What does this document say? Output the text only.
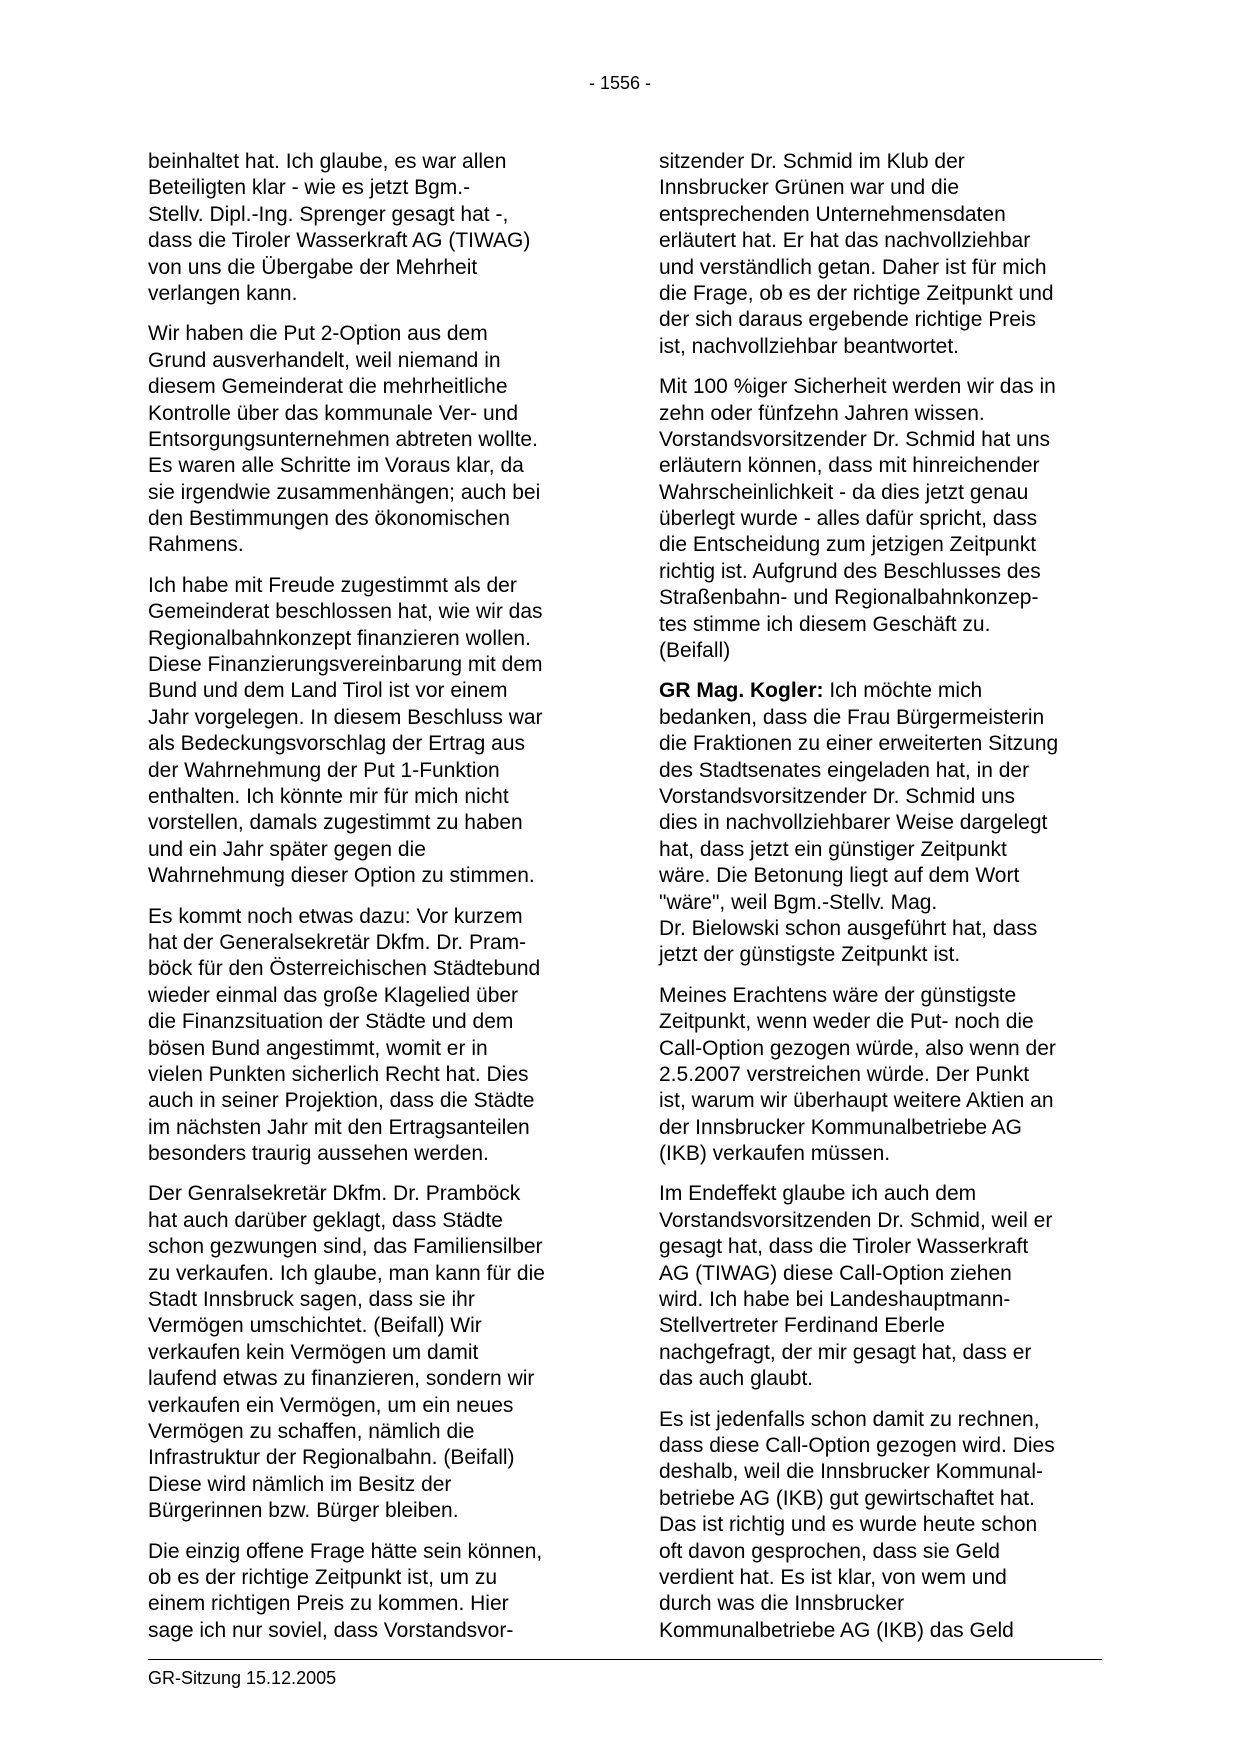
- 1556 -

beinhaltet hat. Ich glaube, es war allen
Beteiligten klar - wie es jetzt Bgm.-
Stellv. Dipl.-Ing. Sprenger gesagt hat -,
dass die Tiroler Wasserkraft AG (TIWAG)
von uns die Übergabe der Mehrheit
verlangen kann.

Wir haben die Put 2-Option aus dem
Grund ausverhandelt, weil niemand in
diesem Gemeinderat die mehrheitliche
Kontrolle über das kommunale Ver- und
Entsorgungsunternehmen abtreten wollte.
Es waren alle Schritte im Voraus klar, da
sie irgendwie zusammenhängen; auch bei
den Bestimmungen des ökonomischen
Rahmens.

Ich habe mit Freude zugestimmt als der
Gemeinderat beschlossen hat, wie wir das
Regionalbahnkonzept finanzieren wollen.
Diese Finanzierungsvereinbarung mit dem
Bund und dem Land Tirol ist vor einem
Jahr vorgelegen. In diesem Beschluss war
als Bedeckungsvorschlag der Ertrag aus
der Wahrnehmung der Put 1-Funktion
enthalten. Ich könnte mir für mich nicht
vorstellen, damals zugestimmt zu haben
und ein Jahr später gegen die
Wahrnehmung dieser Option zu stimmen.

Es kommt noch etwas dazu: Vor kurzem
hat der Generalsekretär Dkfm. Dr. Pram-
böck für den Österreichischen Städtebund
wieder einmal das große Klagelied über
die Finanzsituation der Städte und dem
bösen Bund angestimmt, womit er in
vielen Punkten sicherlich Recht hat. Dies
auch in seiner Projektion, dass die Städte
im nächsten Jahr mit den Ertragsanteilen
besonders traurig aussehen werden.

Der Genralsekretär Dkfm. Dr. Pramböck
hat auch darüber geklagt, dass Städte
schon gezwungen sind, das Familiensilber
zu verkaufen. Ich glaube, man kann für die
Stadt Innsbruck sagen, dass sie ihr
Vermögen umschichtet. (Beifall) Wir
verkaufen kein Vermögen um damit
laufend etwas zu finanzieren, sondern wir
verkaufen ein Vermögen, um ein neues
Vermögen zu schaffen, nämlich die
Infrastruktur der Regionalbahn. (Beifall)
Diese wird nämlich im Besitz der
Bürgerinnen bzw. Bürger bleiben.

Die einzig offene Frage hätte sein können,
ob es der richtige Zeitpunkt ist, um zu
einem richtigen Preis zu kommen. Hier
sage ich nur soviel, dass Vorstandsvor-

sitzender Dr. Schmid im Klub der
Innsbrucker Grünen war und die
entsprechenden Unternehmensdaten
erläutert hat. Er hat das nachvollziehbar
und verständlich getan. Daher ist für mich
die Frage, ob es der richtige Zeitpunkt und
der sich daraus ergebende richtige Preis
ist, nachvollziehbar beantwortet.

Mit 100 %iger Sicherheit werden wir das in
zehn oder fünfzehn Jahren wissen.
Vorstandsvorsitzender Dr. Schmid hat uns
erläutern können, dass mit hinreichender
Wahrscheinlichkeit - da dies jetzt genau
überlegt wurde - alles dafür spricht, dass
die Entscheidung zum jetzigen Zeitpunkt
richtig ist. Aufgrund des Beschlusses des
Straßenbahn- und Regionalbahnkonzep-
tes stimme ich diesem Geschäft zu.
(Beifall)

GR Mag. Kogler: Ich möchte mich
bedanken, dass die Frau Bürgermeisterin
die Fraktionen zu einer erweiterten Sitzung
des Stadtsenates eingeladen hat, in der
Vorstandsvorsitzender Dr. Schmid uns
dies in nachvollziehbarer Weise dargelegt
hat, dass jetzt ein günstiger Zeitpunkt
wäre. Die Betonung liegt auf dem Wort
"wäre", weil Bgm.-Stellv. Mag.
Dr. Bielowski schon ausgeführt hat, dass
jetzt der günstigste Zeitpunkt ist.

Meines Erachtens wäre der günstigste
Zeitpunkt, wenn weder die Put- noch die
Call-Option gezogen würde, also wenn der
2.5.2007 verstreichen würde. Der Punkt
ist, warum wir überhaupt weitere Aktien an
der Innsbrucker Kommunalbetriebe AG
(IKB) verkaufen müssen.

Im Endeffekt glaube ich auch dem
Vorstandsvorsitzenden Dr. Schmid, weil er
gesagt hat, dass die Tiroler Wasserkraft
AG (TIWAG) diese Call-Option ziehen
wird. Ich habe bei Landeshauptmann-
Stellvertreter Ferdinand Eberle
nachgefragt, der mir gesagt hat, dass er
das auch glaubt.

Es ist jedenfalls schon damit zu rechnen,
dass diese Call-Option gezogen wird. Dies
deshalb, weil die Innsbrucker Kommunal-
betriebe AG (IKB) gut gewirtschaftet hat.
Das ist richtig und es wurde heute schon
oft davon gesprochen, dass sie Geld
verdient hat. Es ist klar, von wem und
durch was die Innsbrucker
Kommunalbetriebe AG (IKB) das Geld

GR-Sitzung 15.12.2005
